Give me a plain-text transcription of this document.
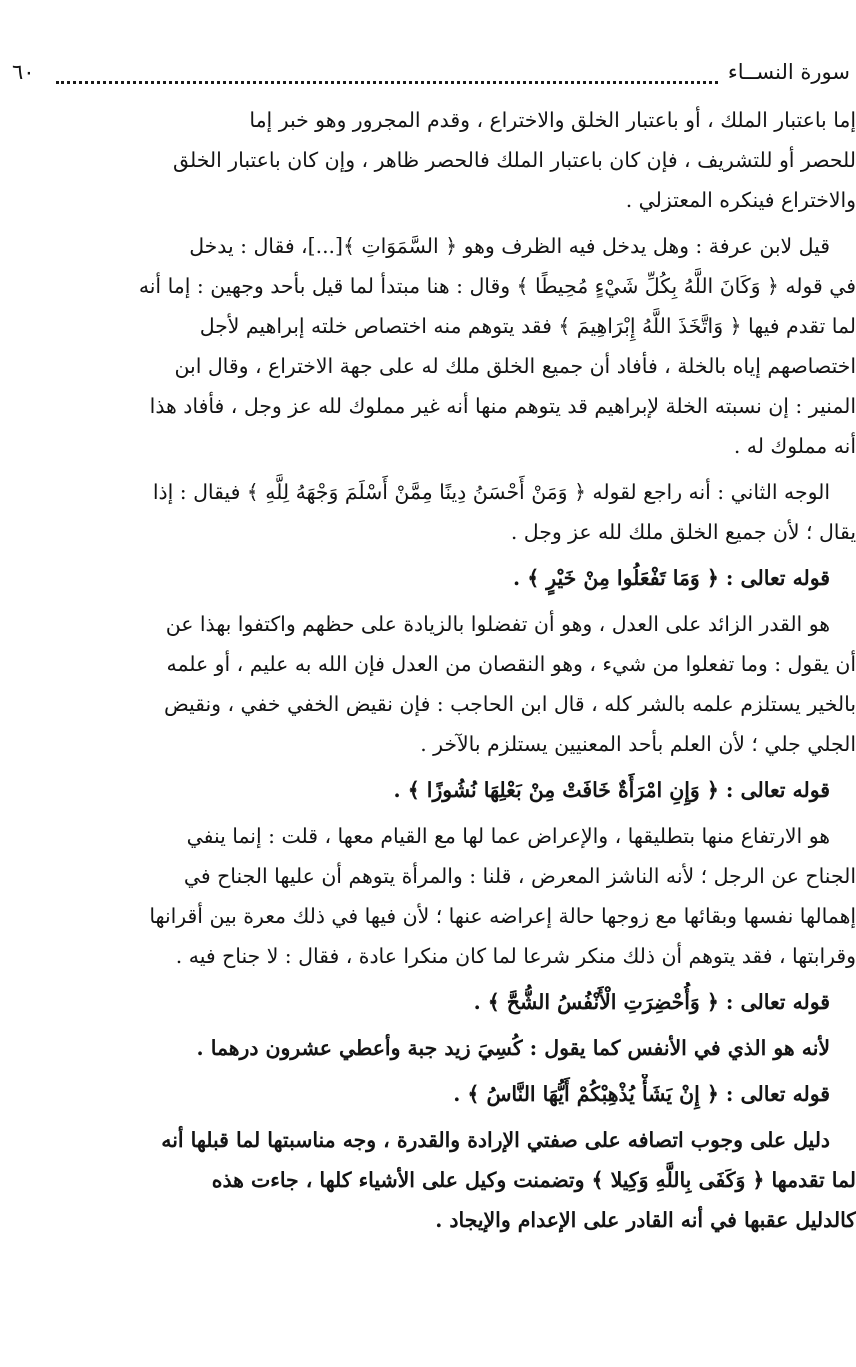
سورة النســاء
٦٠
إما باعتبار الملك ، أو باعتبار الخلق والاختراع ، وقدم المجرور وهو خبر إما
للحصر أو للتشريف ، فإن كان باعتبار الملك فالحصر ظاهر ، وإن كان باعتبار الخلق
والاختراع فينكره المعتزلي .
قيل لابن عرفة : وهل يدخل فيه الظرف وهو ﴿ السَّمَوَاتِ ﴾[...]، فقال : يدخل
في قوله ﴿ وَكَانَ اللَّهُ بِكُلِّ شَيْءٍ مُحِيطًا ﴾ وقال : هنا مبتدأ لما قيل بأحد وجهين : إما أنه
لما تقدم فيها ﴿ وَاتَّخَذَ اللَّهُ إِبْرَاهِيمَ ﴾ فقد يتوهم منه اختصاص خلته إبراهيم لأجل
اختصاصهم إياه بالخلة ، فأفاد أن جميع الخلق ملك له على جهة الاختراع ، وقال ابن
المنير : إن نسبته الخلة لإبراهيم قد يتوهم منها أنه غير مملوك لله عز وجل ، فأفاد هذا
أنه مملوك له .
الوجه الثاني : أنه راجع لقوله ﴿ وَمَنْ أَحْسَنُ دِينًا مِمَّنْ أَسْلَمَ وَجْهَهُ لِلَّهِ ﴾ فيقال : إذا
يقال ؛ لأن جميع الخلق ملك لله عز وجل .
قوله تعالى : ﴿ وَمَا تَفْعَلُوا مِنْ خَيْرٍ ﴾ .
هو القدر الزائد على العدل ، وهو أن تفضلوا بالزيادة على حظهم واكتفوا بهذا عن
أن يقول : وما تفعلوا من شيء ، وهو النقصان من العدل فإن الله به عليم ، أو علمه
بالخير يستلزم علمه بالشر كله ، قال ابن الحاجب : فإن نقيض الخفي خفي ، ونقيض
الجلي جلي ؛ لأن العلم بأحد المعنيين يستلزم بالآخر .
قوله تعالى : ﴿ وَإِنِ امْرَأَةٌ خَافَتْ مِنْ بَعْلِهَا نُشُوزًا ﴾ .
هو الارتفاع منها بتطليقها ، والإعراض عما لها مع القيام معها ، قلت : إنما ينفي
الجناح عن الرجل ؛ لأنه الناشز المعرض ، قلنا : والمرأة يتوهم أن عليها الجناح في
إهمالها نفسها وبقائها مع زوجها حالة إعراضه عنها ؛ لأن فيها في ذلك معرة بين أقرانها
وقرابتها ، فقد يتوهم أن ذلك منكر شرعا لما كان منكرا عادة ، فقال : لا جناح فيه .
قوله تعالى : ﴿ وَأُحْضِرَتِ الْأَنْفُسُ الشُّحَّ ﴾ .
لأنه هو الذي في الأنفس كما يقول : كُسِيَ زيد جبة وأعطي عشرون درهما .
قوله تعالى : ﴿ إِنْ يَشَأْ يُذْهِبْكُمْ أَيُّهَا النَّاسُ ﴾ .
دليل على وجوب اتصافه على صفتي الإرادة والقدرة ، وجه مناسبتها لما قبلها أنه
لما تقدمها ﴿ وَكَفَى بِاللَّهِ وَكِيلا ﴾ وتضمنت وكيل على الأشياء كلها ، جاءت هذه
كالدليل عقبها في أنه القادر على الإعدام والإيجاد .
